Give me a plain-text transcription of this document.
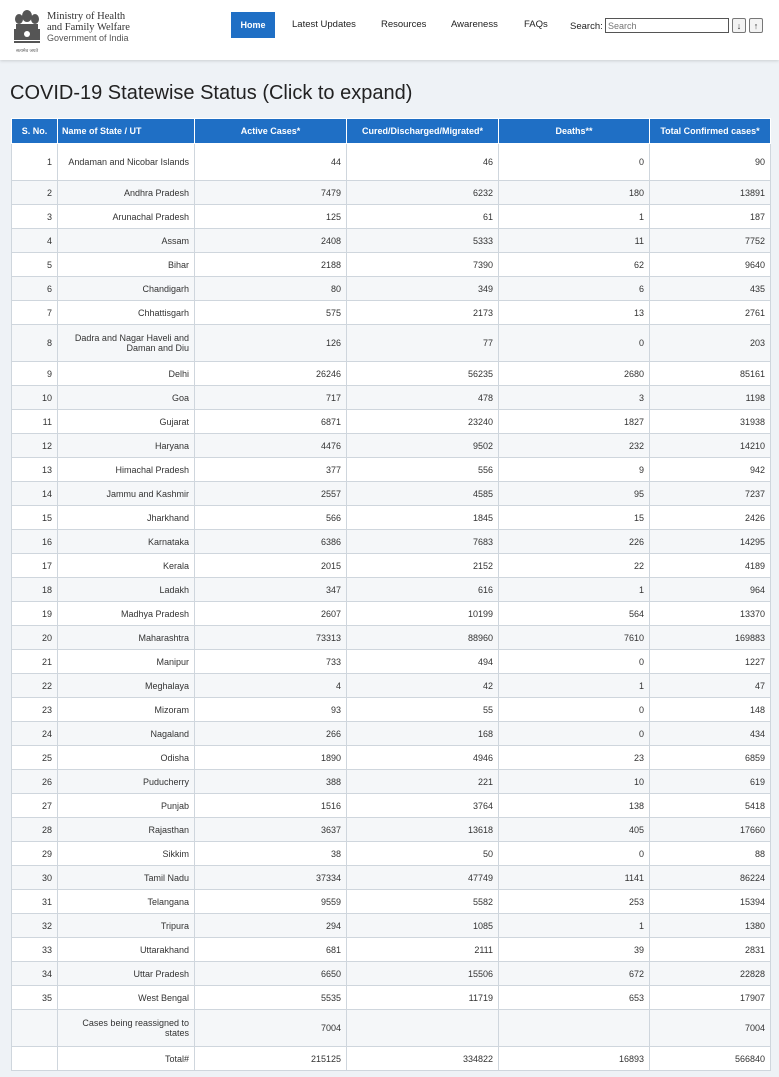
सत्यमेव जयते
Ministry of Health
and Family Welfare
Government of India
Home	Latest Updates	Resources	Awareness	FAQs Search:
Search	↓	↑
COVID-19 Statewise Status (Click to expand)
S. No.	Name of State / UT	Active Cases*	Cured/Discharged/Migrated*	Deaths**	Total Confirmed cases*
1	Andaman and Nicobar Islands	44	46	0	90
2	Andhra Pradesh	7479	6232	180	13891
3	Arunachal Pradesh	125	61	1	187
4	Assam	2408	5333	11	7752
5	Bihar	2188	7390	62	9640
6	Chandigarh	80	349	6	435
7	Chhattisgarh	575	2173	13	2761
8	Dadra and Nagar Haveli and Daman and Diu	126	77	0	203
9	Delhi	26246	56235	2680	85161
10	Goa	717	478	3	1198
11	Gujarat	6871	23240	1827	31938
12	Haryana	4476	9502	232	14210
13	Himachal Pradesh	377	556	9	942
14	Jammu and Kashmir	2557	4585	95	7237
15	Jharkhand	566	1845	15	2426
16	Karnataka	6386	7683	226	14295
17	Kerala	2015	2152	22	4189
18	Ladakh	347	616	1	964
19	Madhya Pradesh	2607	10199	564	13370
20	Maharashtra	73313	88960	7610	169883
21	Manipur	733	494	0	1227
22	Meghalaya	4	42	1	47
23	Mizoram	93	55	0	148
24	Nagaland	266	168	0	434
25	Odisha	1890	4946	23	6859
26	Puducherry	388	221	10	619
27	Punjab	1516	3764	138	5418
28	Rajasthan	3637	13618	405	17660
29	Sikkim	38	50	0	88
30	Tamil Nadu	37334	47749	1141	86224
31	Telangana	9559	5582	253	15394
32	Tripura	294	1085	1	1380
33	Uttarakhand	681	2111	39	2831
34	Uttar Pradesh	6650	15506	672	22828
35	West Bengal	5535	11719	653	17907
	Cases being reassigned to states	7004			7004
	Total#	215125	334822	16893	566840
